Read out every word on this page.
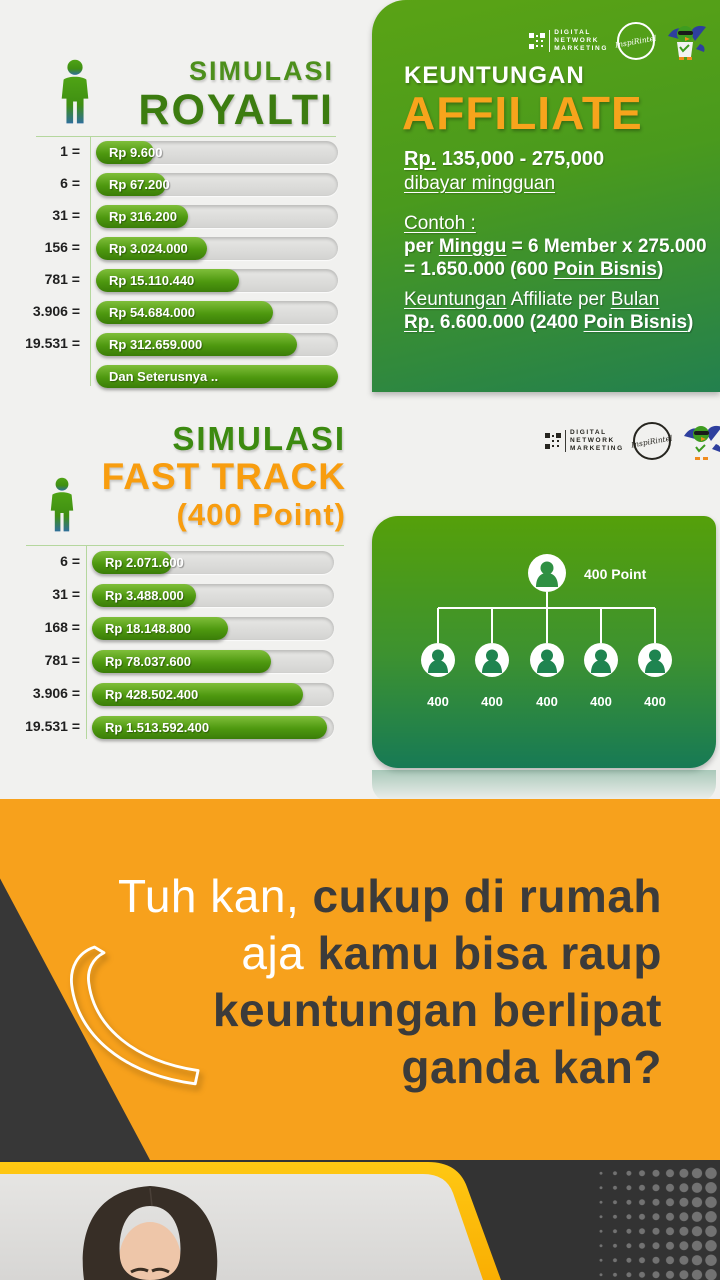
SIMULASI
ROYALTI
1 =	Rp 9.600
6 =	Rp 67.200
31 =	Rp 316.200
156 =	Rp 3.024.000
781 =	Rp 15.110.440
3.906 =	Rp 54.684.000
19.531 =	Rp 312.659.000
Dan Seterusnya ..
DIGITAL
NETWORK
MARKETING InspiRintel
KEUNTUNGAN
AFFILIATE
Rp. 135,000 - 275,000
dibayar mingguan
Contoh :
per Minggu = 6 Member x 275.000
= 1.650.000 (600 Poin Bisnis)
Keuntungan Affiliate per Bulan
Rp. 6.600.000 (2400 Poin Bisnis)
DIGITAL
NETWORK
MARKETING InspiRintel
SIMULASI
FAST TRACK
(400 Point)
6 =	Rp 2.071.600
31 =	Rp 3.488.000
168 =	Rp 18.148.800
781 =	Rp 78.037.600
3.906 =	Rp 428.502.400
19.531 =	Rp 1.513.592.400
400 Point
400 400	400 400 400
Tuh kan, cukup di rumah
aja kamu bisa raup
keuntungan berlipat
ganda kan?
